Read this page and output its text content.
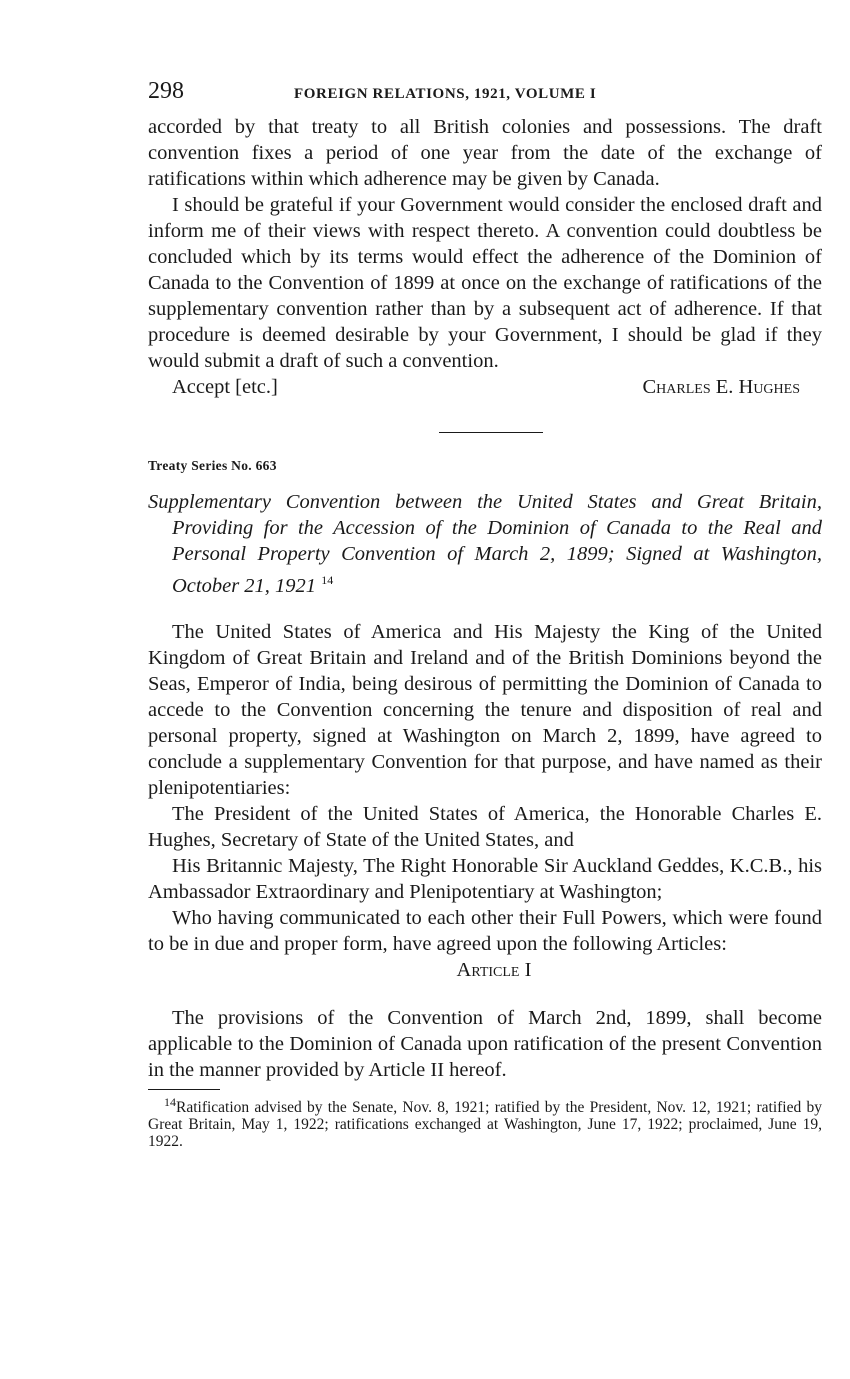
298	FOREIGN RELATIONS, 1921, VOLUME I

accorded by that treaty to all British colonies and possessions. The draft convention fixes a period of one year from the date of the exchange of ratifications within which adherence may be given by Canada.

I should be grateful if your Government would consider the enclosed draft and inform me of their views with respect thereto. A convention could doubtless be concluded which by its terms would effect the adherence of the Dominion of Canada to the Convention of 1899 at once on the exchange of ratifications of the supplementary convention rather than by a subsequent act of adherence. If that procedure is deemed desirable by your Government, I should be glad if they would submit a draft of such a convention.

Accept [etc.]	Charles E. Hughes
Treaty Series No. 663
Supplementary Convention between the United States and Great Britain, Providing for the Accession of the Dominion of Canada to the Real and Personal Property Convention of March 2, 1899; Signed at Washington, October 21, 1921 $^{14}$

The United States of America and His Majesty the King of the United Kingdom of Great Britain and Ireland and of the British Dominions beyond the Seas, Emperor of India, being desirous of permitting the Dominion of Canada to accede to the Convention concerning the tenure and disposition of real and personal property, signed at Washington on March 2, 1899, have agreed to conclude a supplementary Convention for that purpose, and have named as their plenipotentiaries:

The President of the United States of America, the Honorable Charles E. Hughes, Secretary of State of the United States, and

His Britannic Majesty, The Right Honorable Sir Auckland Geddes, K.C.B., his Ambassador Extraordinary and Plenipotentiary at Washington;

Who having communicated to each other their Full Powers, which were found to be in due and proper form, have agreed upon the following Articles:

Article I

The provisions of the Convention of March 2nd, 1899, shall become applicable to the Dominion of Canada upon ratification of the present Convention in the manner provided by Article II hereof.

$^{14}$Ratification advised by the Senate, Nov. 8, 1921; ratified by the President, Nov. 12, 1921; ratified by Great Britain, May 1, 1922; ratifications exchanged at Washington, June 17, 1922; proclaimed, June 19, 1922.
